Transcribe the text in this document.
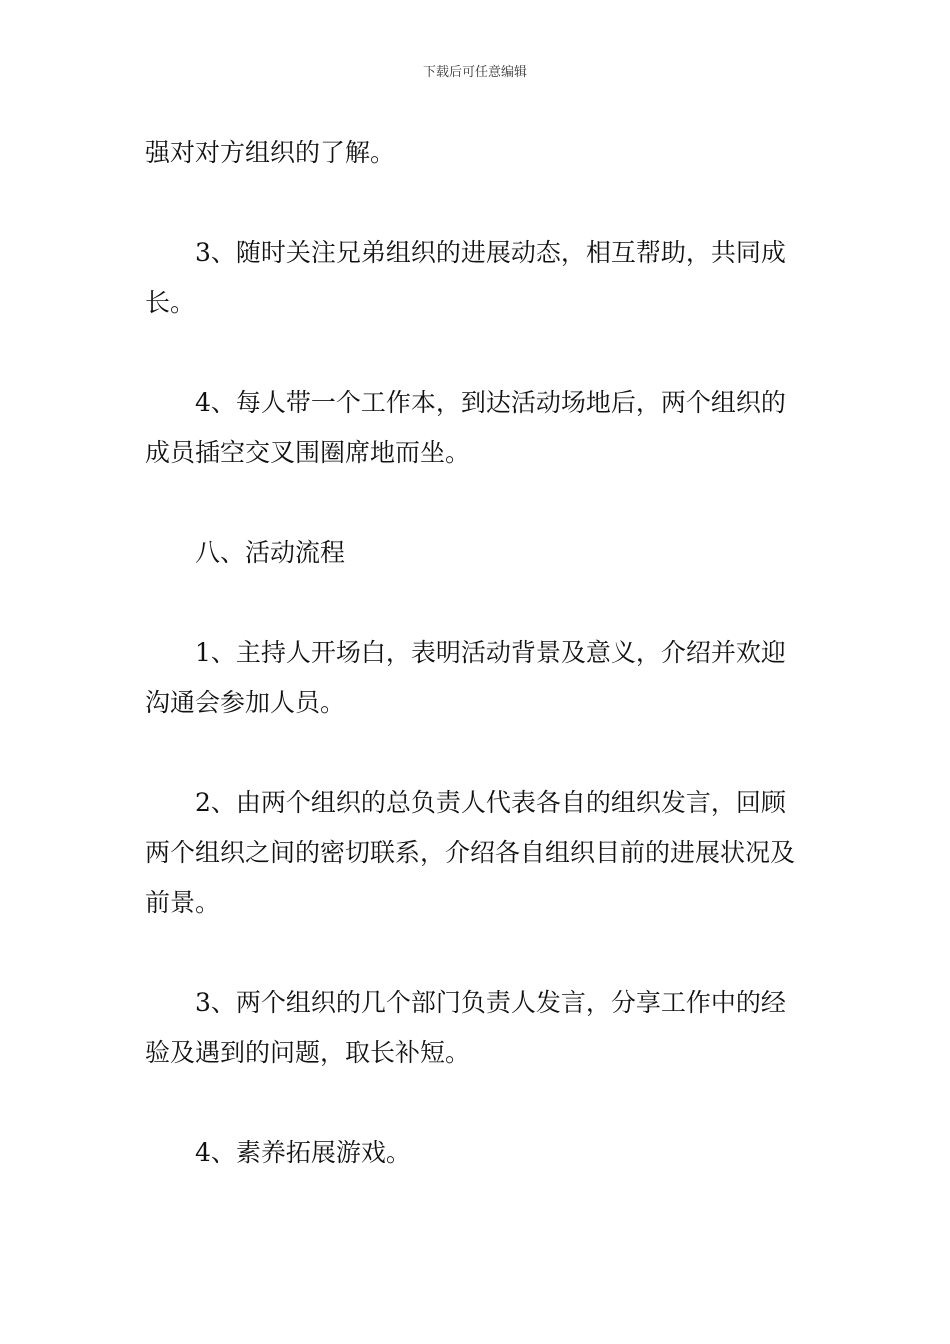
下载后可任意编辑

强对对方组织的了解。

3、随时关注兄弟组织的进展动态，相互帮助，共同成长。

4、每人带一个工作本，到达活动场地后，两个组织的成员插空交叉围圈席地而坐。

八、活动流程

1、主持人开场白，表明活动背景及意义，介绍并欢迎沟通会参加人员。

2、由两个组织的总负责人代表各自的组织发言，回顾两个组织之间的密切联系，介绍各自组织目前的进展状况及前景。

3、两个组织的几个部门负责人发言，分享工作中的经验及遇到的问题，取长补短。

4、素养拓展游戏。
